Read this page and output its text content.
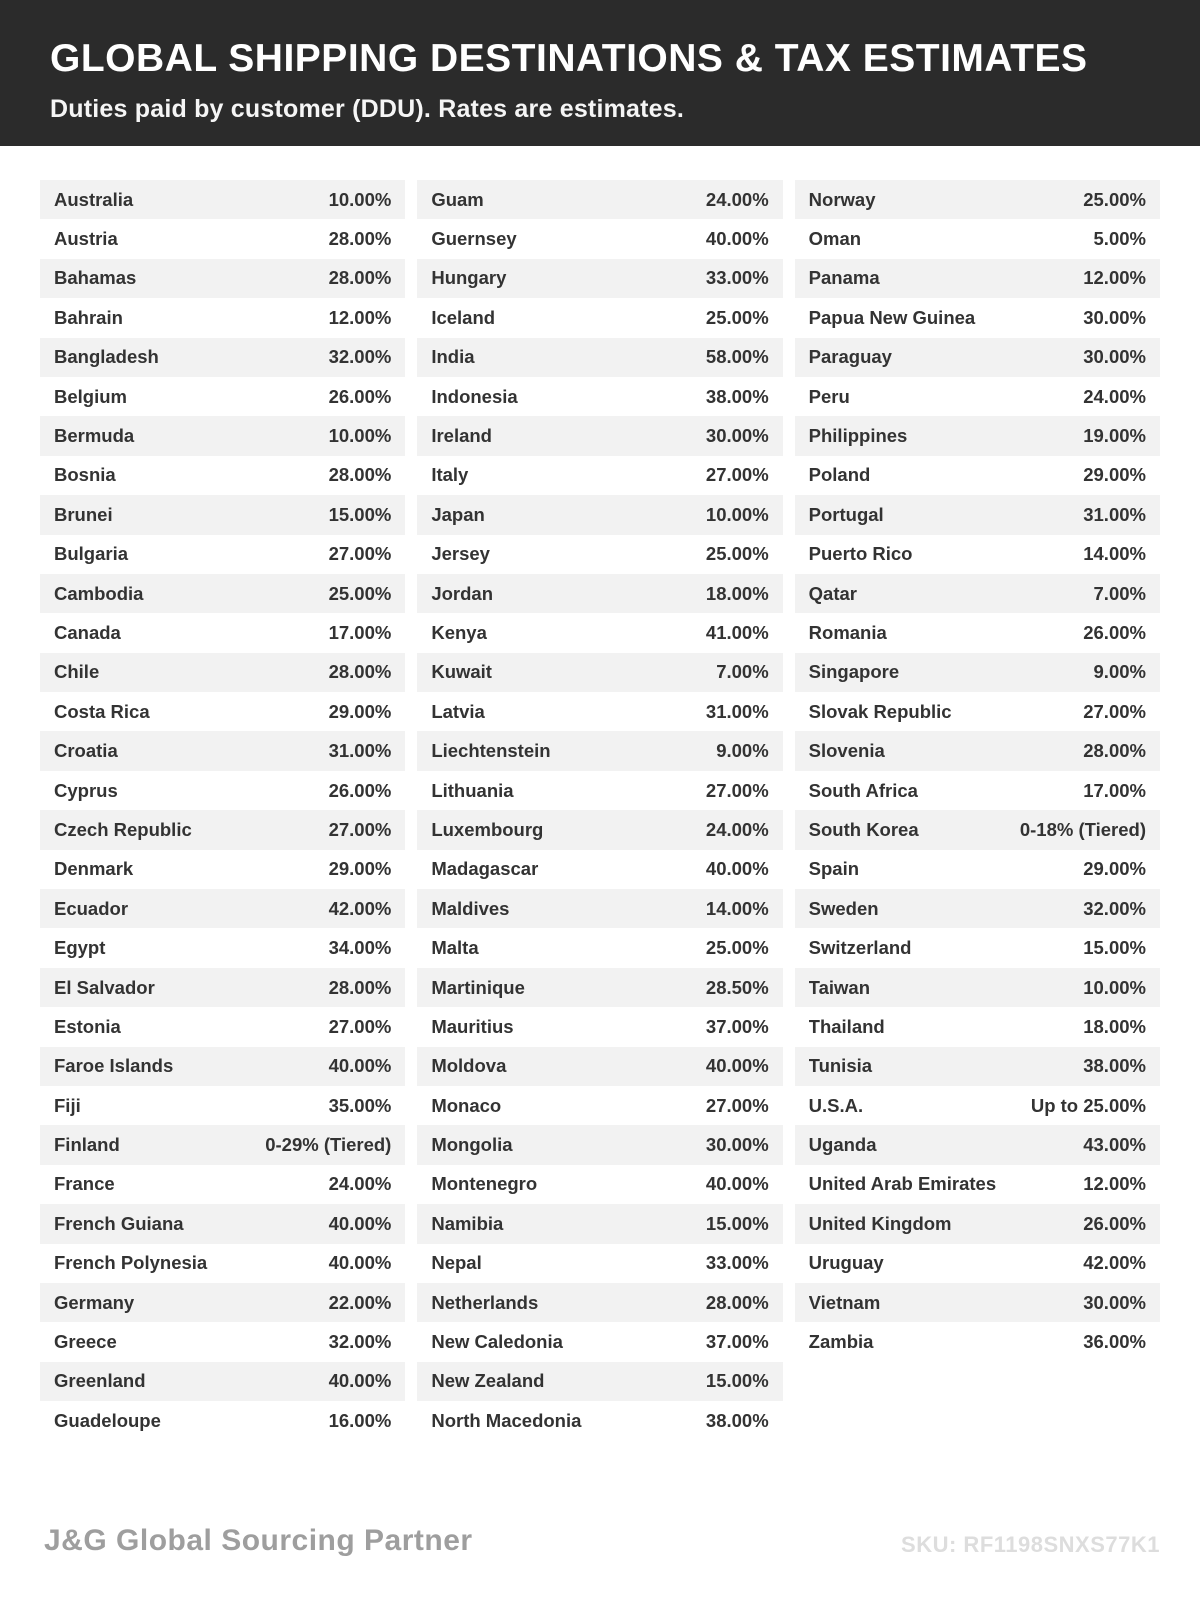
GLOBAL SHIPPING DESTINATIONS & TAX ESTIMATES
Duties paid by customer (DDU). Rates are estimates.
Australia	10.00%
Austria	28.00%
Bahamas	28.00%
Bahrain	12.00%
Bangladesh	32.00%
Belgium	26.00%
Bermuda	10.00%
Bosnia	28.00%
Brunei	15.00%
Bulgaria	27.00%
Cambodia	25.00%
Canada	17.00%
Chile	28.00%
Costa Rica	29.00%
Croatia	31.00%
Cyprus	26.00%
Czech Republic	27.00%
Denmark	29.00%
Ecuador	42.00%
Egypt	34.00%
El Salvador	28.00%
Estonia	27.00%
Faroe Islands	40.00%
Fiji	35.00%
Finland	0-29% (Tiered)
France	24.00%
French Guiana	40.00%
French Polynesia	40.00%
Germany	22.00%
Greece	32.00%
Greenland	40.00%
Guadeloupe	16.00%
Guam	24.00%
Guernsey	40.00%
Hungary	33.00%
Iceland	25.00%
India	58.00%
Indonesia	38.00%
Ireland	30.00%
Italy	27.00%
Japan	10.00%
Jersey	25.00%
Jordan	18.00%
Kenya	41.00%
Kuwait	7.00%
Latvia	31.00%
Liechtenstein	9.00%
Lithuania	27.00%
Luxembourg	24.00%
Madagascar	40.00%
Maldives	14.00%
Malta	25.00%
Martinique	28.50%
Mauritius	37.00%
Moldova	40.00%
Monaco	27.00%
Mongolia	30.00%
Montenegro	40.00%
Namibia	15.00%
Nepal	33.00%
Netherlands	28.00%
New Caledonia	37.00%
New Zealand	15.00%
North Macedonia	38.00%
Norway	25.00%
Oman	5.00%
Panama	12.00%
Papua New Guinea	30.00%
Paraguay	30.00%
Peru	24.00%
Philippines	19.00%
Poland	29.00%
Portugal	31.00%
Puerto Rico	14.00%
Qatar	7.00%
Romania	26.00%
Singapore	9.00%
Slovak Republic	27.00%
Slovenia	28.00%
South Africa	17.00%
South Korea	0-18% (Tiered)
Spain	29.00%
Sweden	32.00%
Switzerland	15.00%
Taiwan	10.00%
Thailand	18.00%
Tunisia	38.00%
U.S.A.	Up to 25.00%
Uganda	43.00%
United Arab Emirates	12.00%
United Kingdom	26.00%
Uruguay	42.00%
Vietnam	30.00%
Zambia	36.00%
J&G Global Sourcing Partner	SKU: RF1198SNXS77K1
